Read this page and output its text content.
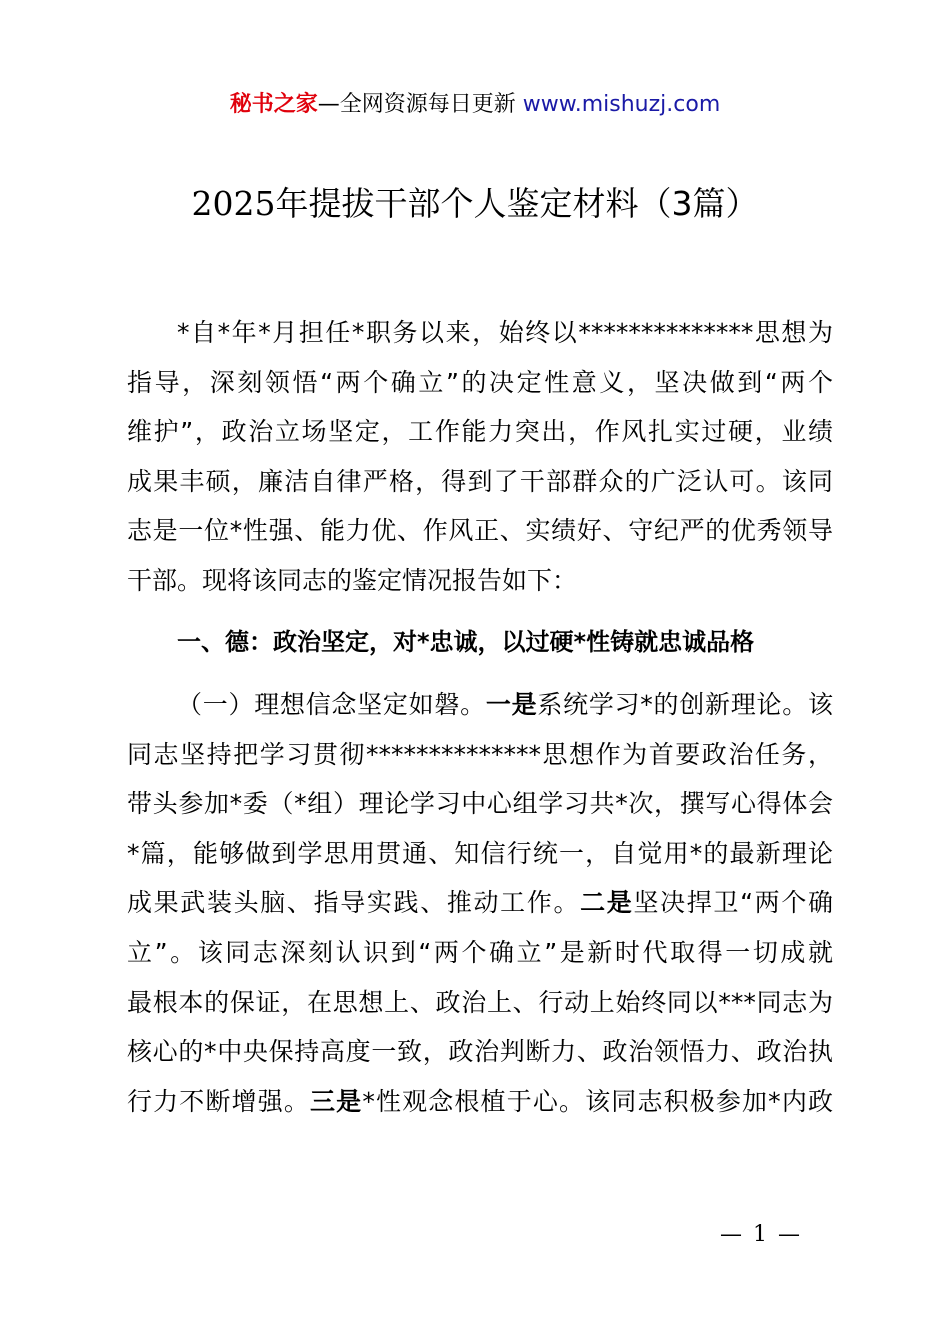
秘书之家—全网资源每日更新 www.mishuzj.com
2025年提拔干部个人鉴定材料（3篇）
*自*年*月担任*职务以来，始终以**************思想为
指导，深刻领悟“两个确立”的决定性意义，坚决做到“两个
维护”，政治立场坚定，工作能力突出，作风扎实过硬，业绩
成果丰硕，廉洁自律严格，得到了干部群众的广泛认可。该同
志是一位*性强、能力优、作风正、实绩好、守纪严的优秀领导
干部。现将该同志的鉴定情况报告如下：
一、德：政治坚定，对*忠诚，以过硬*性铸就忠诚品格
（一）理想信念坚定如磐。一是系统学习*的创新理论。该
同志坚持把学习贯彻**************思想作为首要政治任务，
带头参加*委（*组）理论学习中心组学习共*次，撰写心得体会
*篇，能够做到学思用贯通、知信行统一，自觉用*的最新理论
成果武装头脑、指导实践、推动工作。二是坚决捍卫“两个确
立”。该同志深刻认识到“两个确立”是新时代取得一切成就
最根本的保证，在思想上、政治上、行动上始终同以***同志为
核心的*中央保持高度一致，政治判断力、政治领悟力、政治执
行力不断增强。三是*性观念根植于心。该同志积极参加*内政
— 1 —
